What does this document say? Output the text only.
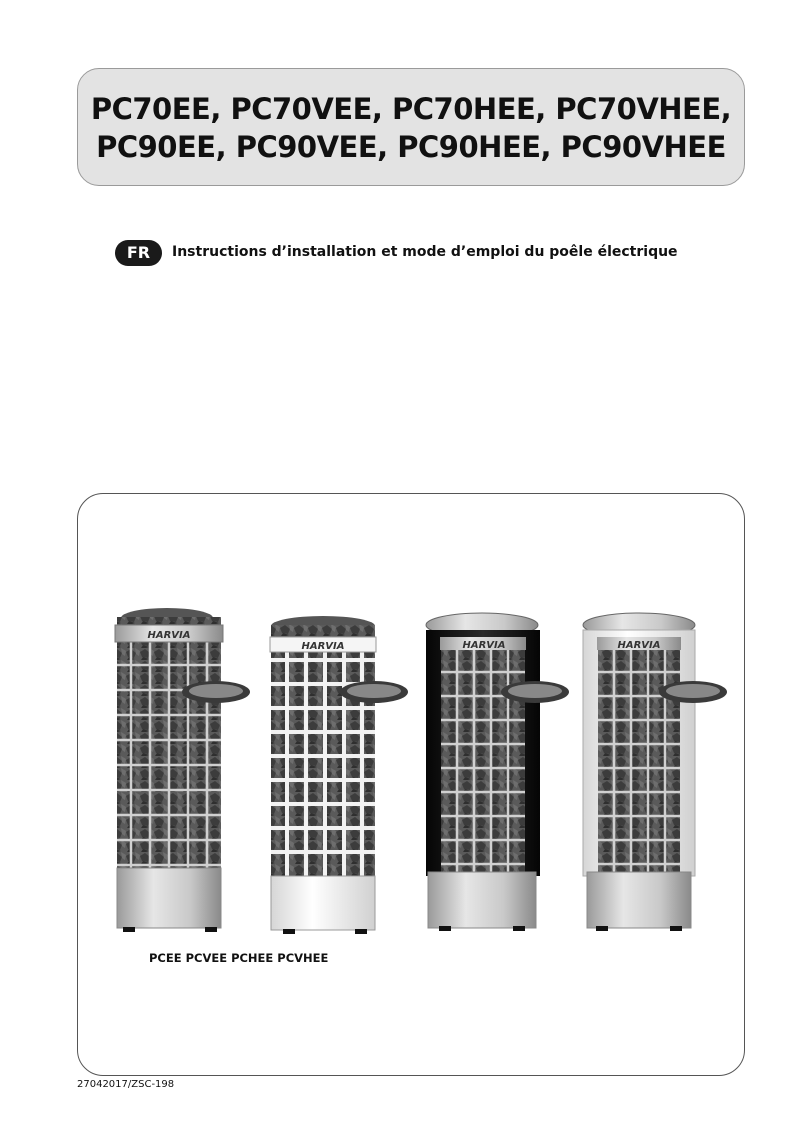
PC70EE, PC70VEE, PC70HEE, PC70VHEE,
PC90EE, PC90VEE, PC90HEE, PC90VHEE
FR	Instructions d’installation et mode d’emploi du poêle électrique
HARVIA
HARVIA	HARVIA	HARVIA
PCEE PCVEE PCHEE PCVHEE
27042017/ZSC-198
